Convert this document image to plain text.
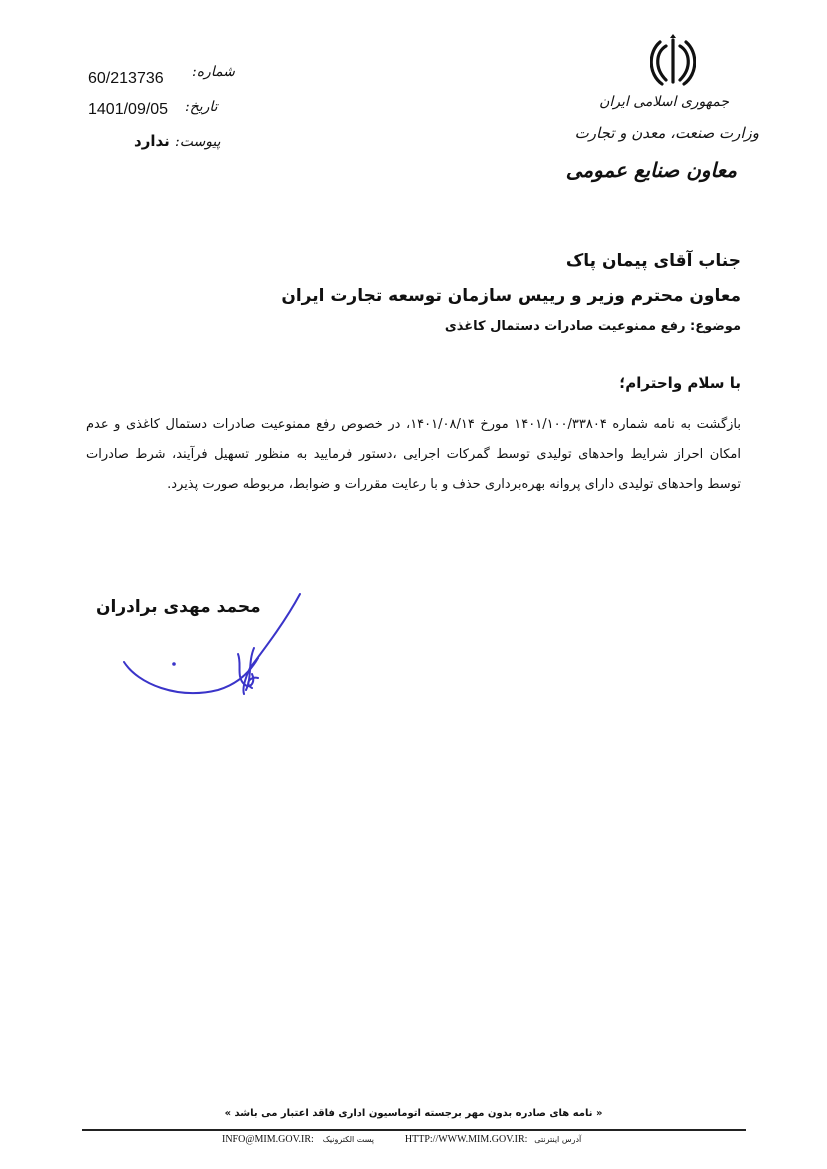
جمهوری اسلامی ایران
وزارت صنعت، معدن و تجارت
معاون صنایع عمومی
شماره:
60/213736
تاریخ:
1401/09/05
پیوست:
ندارد
جناب آقای پیمان پاک
معاون محترم وزیر و رییس سازمان توسعه تجارت ایران
موضوع: رفع ممنوعیت صادرات دستمال کاغذی
با سلام واحترام؛
بازگشت به نامه شماره ۱۴۰۱/۱۰۰/۳۳۸۰۴ مورخ ۱۴۰۱/۰۸/۱۴، در خصوص رفع ممنوعیت صادرات دستمال کاغذی و عدم امکان احراز شرایط واحدهای تولیدی توسط گمرکات اجرایی ،دستور فرمایید به منظور تسهیل فرآیند، شرط صادرات توسط واحدهای تولیدی دارای پروانه بهره‌برداری حذف و با رعایت مقررات و ضوابط، مربوطه صورت پذیرد.
محمد مهدی برادران
« نامه های صادره بدون مهر برجسته اتوماسیون اداری فاقد اعتبار می باشد »
INFO@MIM.GOV.IR: پست الکترونیک	HTTP://WWW.MIM.GOV.IR: آدرس اینترنتی
